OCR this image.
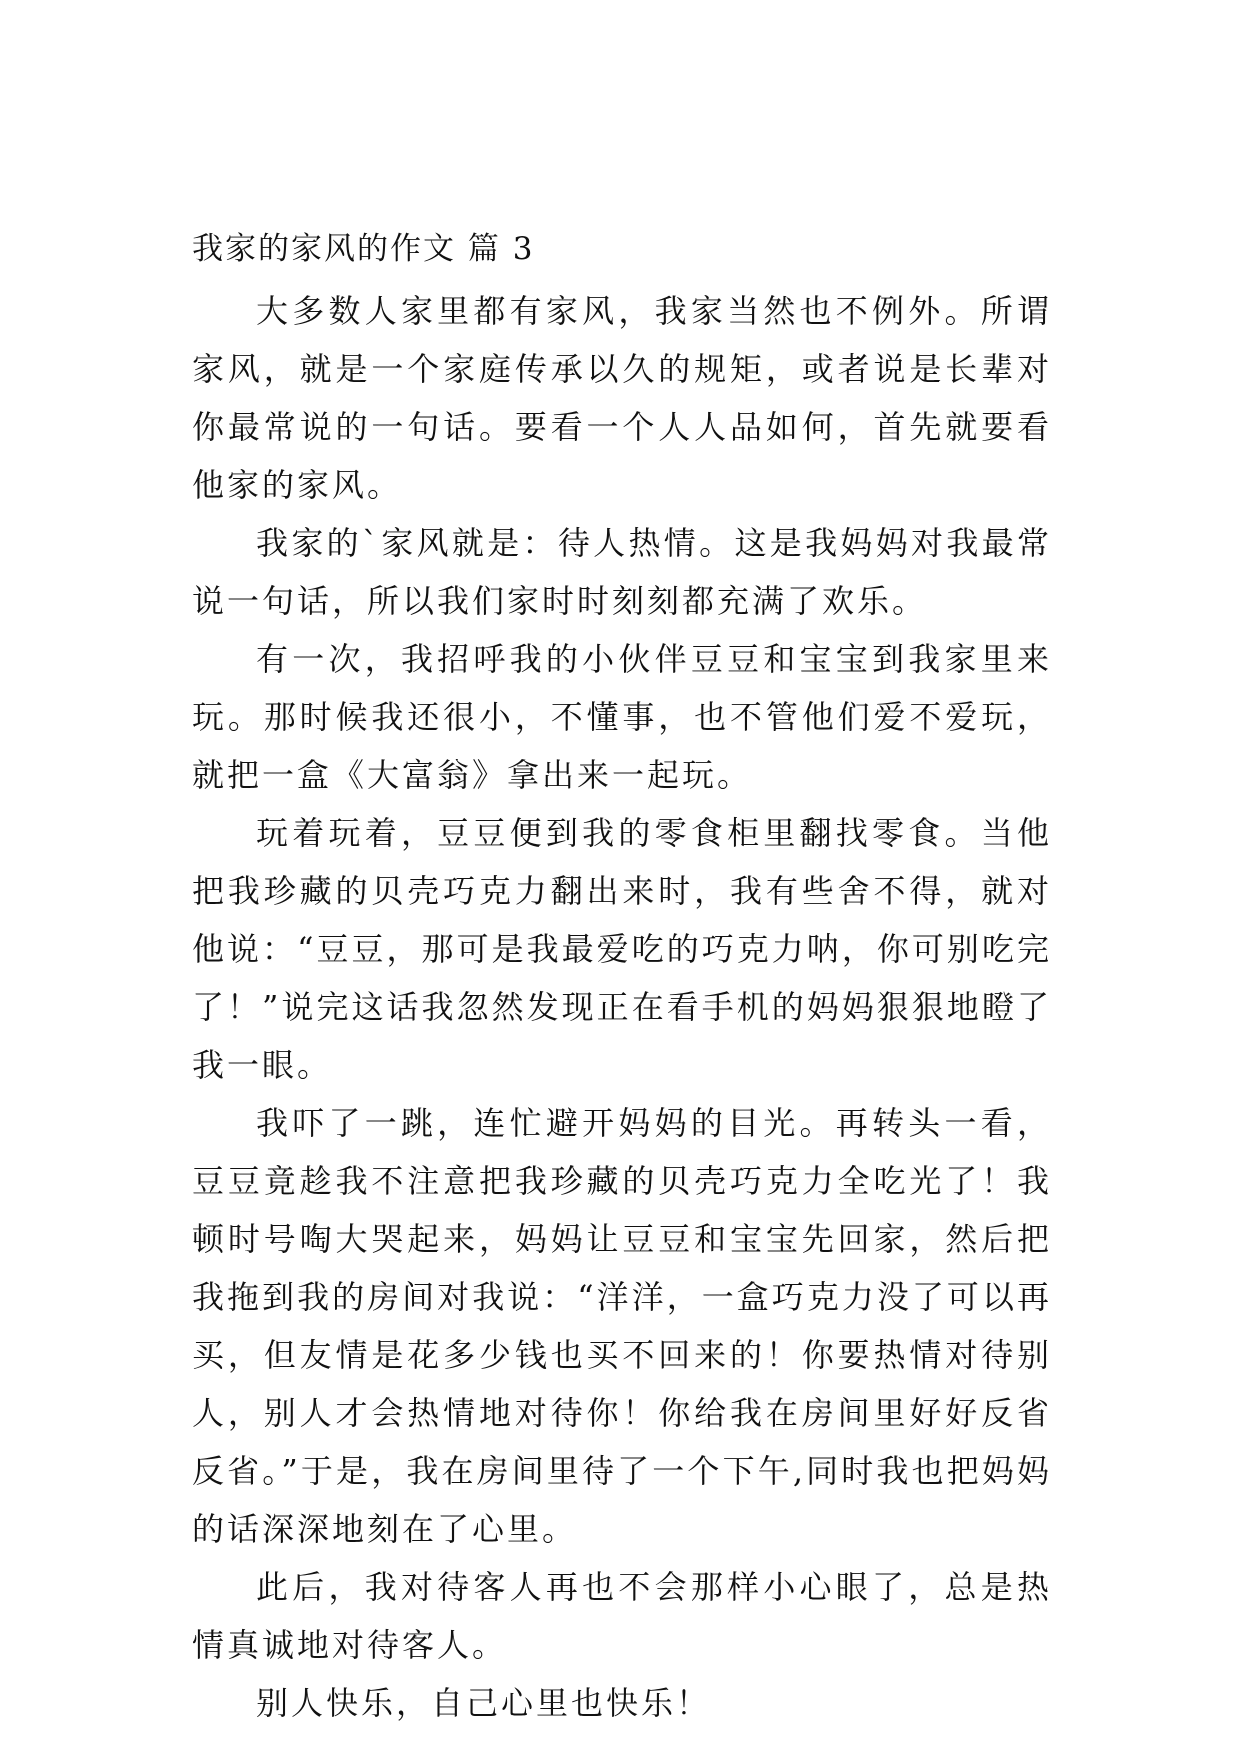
我家的家风的作文 篇 3

大多数人家里都有家风，我家当然也不例外。所谓家风，就是一个家庭传承以久的规矩，或者说是长辈对你最常说的一句话。要看一个人人品如何，首先就要看他家的家风。

我家的`家风就是：待人热情。这是我妈妈对我最常说一句话，所以我们家时时刻刻都充满了欢乐。

有一次，我招呼我的小伙伴豆豆和宝宝到我家里来玩。那时候我还很小，不懂事，也不管他们爱不爱玩，就把一盒《大富翁》拿出来一起玩。

玩着玩着，豆豆便到我的零食柜里翻找零食。当他把我珍藏的贝壳巧克力翻出来时，我有些舍不得，就对他说：“豆豆，那可是我最爱吃的巧克力呐，你可别吃完了！”说完这话我忽然发现正在看手机的妈妈狠狠地瞪了我一眼。

我吓了一跳，连忙避开妈妈的目光。再转头一看，豆豆竟趁我不注意把我珍藏的贝壳巧克力全吃光了！我顿时号啕大哭起来，妈妈让豆豆和宝宝先回家，然后把我拖到我的房间对我说：“洋洋，一盒巧克力没了可以再买，但友情是花多少钱也买不回来的！你要热情对待别人，别人才会热情地对待你！你给我在房间里好好反省反省。”于是，我在房间里待了一个下午,同时我也把妈妈的话深深地刻在了心里。

此后，我对待客人再也不会那样小心眼了，总是热情真诚地对待客人。

别人快乐，自己心里也快乐！
